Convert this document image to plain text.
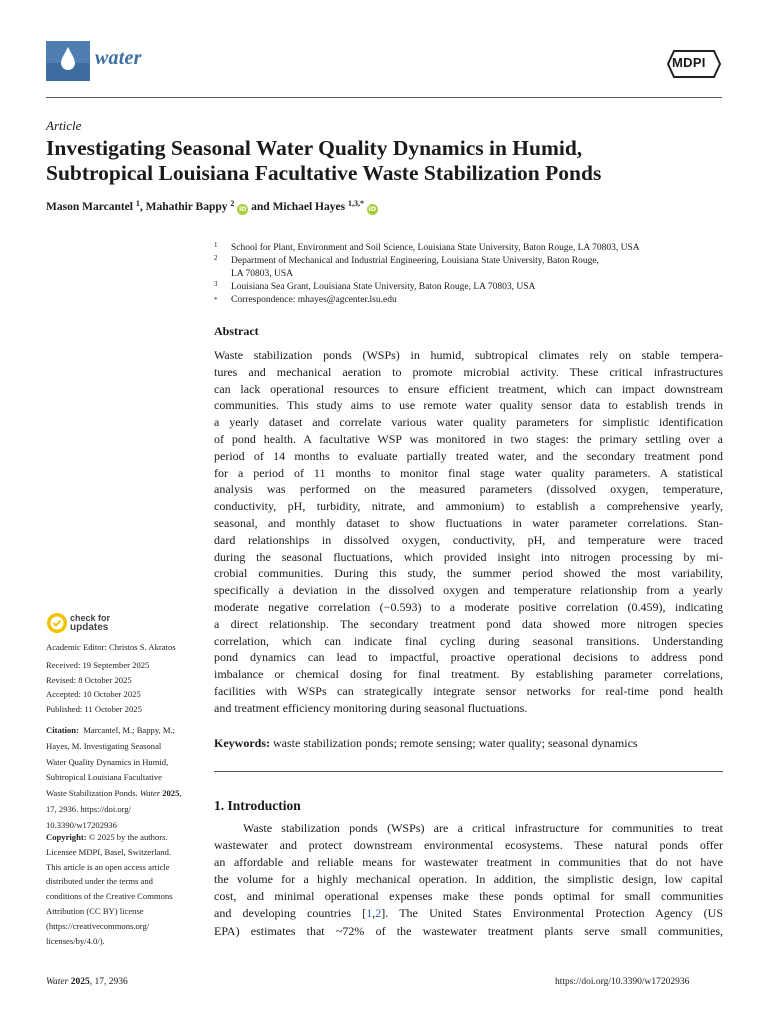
water	MDPI
Article
Investigating Seasonal Water Quality Dynamics in Humid,
Subtropical Louisiana Facultative Waste Stabilization Ponds
Mason Marcantel $^1$, Mahathir Bappy $^2$ iD and Michael Hayes $^{1,3,*}$ iD
1 School for Plant, Environment and Soil Science, Louisiana State University, Baton Rouge, LA 70803, USA
2 Department of Mechanical and Industrial Engineering, Louisiana State University, Baton Rouge,
LA 70803, USA
3 Louisiana Sea Grant, Louisiana State University, Baton Rouge, LA 70803, USA
* Correspondence: mhayes@agcenter.lsu.edu
Abstract
Waste stabilization ponds (WSPs) in humid, subtropical climates rely on stable tempera-
tures and mechanical aeration to promote microbial activity. These critical infrastructures
can lack operational resources to ensure efficient treatment, which can impact downstream
communities. This study aims to use remote water quality sensor data to establish trends in
a yearly dataset and correlate various water quality parameters for simplistic identification
of pond health. A facultative WSP was monitored in two stages: the primary settling over a
period of 14 months to evaluate partially treated water, and the secondary treatment pond
for a period of 11 months to monitor final stage water quality parameters. A statistical
analysis was performed on the measured parameters (dissolved oxygen, temperature,
conductivity, pH, turbidity, nitrate, and ammonium) to establish a comprehensive yearly,
seasonal, and monthly dataset to show fluctuations in water parameter correlations. Stan-
dard relationships in dissolved oxygen, conductivity, pH, and temperature were traced
during the seasonal fluctuations, which provided insight into nitrogen processing by mi-
crobial communities. During this study, the summer period showed the most variability,
specifically a deviation in the dissolved oxygen and temperature relationship from a yearly
moderate negative correlation (−0.593) to a moderate positive correlation (0.459), indicating
a direct relationship. The secondary treatment pond data showed more nitrogen species
correlation, which can indicate final cycling during seasonal transitions. Understanding
pond dynamics can lead to impactful, proactive operational decisions to address pond
imbalance or chemical dosing for final treatment. By establishing parameter correlations,
facilities with WSPs can strategically integrate sensor networks for real-time pond health
and treatment efficiency monitoring during seasonal fluctuations.
Keywords: waste stabilization ponds; remote sensing; water quality; seasonal dynamics
1. Introduction
Waste stabilization ponds (WSPs) are a critical infrastructure for communities to treat
wastewater and protect downstream environmental ecosystems. These natural ponds offer
an affordable and reliable means for wastewater treatment in communities that do not have
the volume for a highly mechanical operation. In addition, the simplistic design, low capital
cost, and minimal operational expenses make these ponds optimal for small communities
and developing countries [1,2]. The United States Environmental Protection Agency (US
EPA) estimates that ~72% of the wastewater treatment plants serve small communities,
check for
updates
Academic Editor: Christos S. Akratos
Received: 19 September 2025
Revised: 8 October 2025
Accepted: 10 October 2025
Published: 11 October 2025
Citation: Marcantel, M.; Bappy, M.;
Hayes, M. Investigating Seasonal
Water Quality Dynamics in Humid,
Subtropical Louisiana Facultative
Waste Stabilization Ponds. Water 2025,
17, 2936. https://doi.org/
10.3390/w17202936
Copyright: © 2025 by the authors.
Licensee MDPI, Basel, Switzerland.
This article is an open access article
distributed under the terms and
conditions of the Creative Commons
Attribution (CC BY) license
(https://creativecommons.org/
licenses/by/4.0/).
Water 2025, 17, 2936	https://doi.org/10.3390/w17202936
